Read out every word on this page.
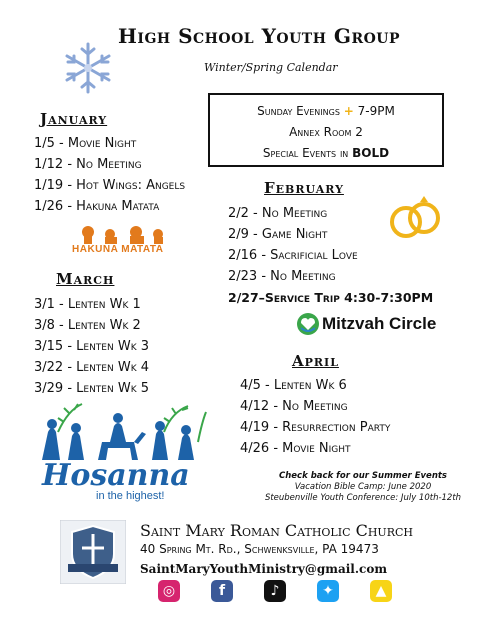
High School Youth Group
Winter/Spring Calendar
Sunday Evenings + 7-9PM
Annex Room 2
Special Events in BOLD
January
1/5 - Movie Night
1/12 - No Meeting
1/19 - Hot Wings: Angels
1/26 - Hakuna Matata
HAKUNA MATATA
March
3/1 - Lenten Wk 1
3/8 - Lenten Wk 2
3/15 - Lenten Wk 3
3/22 - Lenten Wk 4
3/29 - Lenten Wk 5
Hosanna
in the highest!
February
2/2 - No Meeting
2/9 - Game Night
2/16 - Sacrificial Love
2/23 - No Meeting
2/27–Service Trip 4:30-7:30PM
Mitzvah Circle
April
4/5 - Lenten Wk 6
4/12 - No Meeting
4/19 - Resurrection Party
4/26 - Movie Night
Check back for our Summer Events
Vacation Bible Camp: June 2020
Steubenville Youth Conference: July 10th-12th
Saint Mary Roman Catholic Church
40 Spring Mt. Rd., Schwenksville, PA 19473
SaintMaryYouthMinistry@gmail.com
◎	f	♪	✦	▲
